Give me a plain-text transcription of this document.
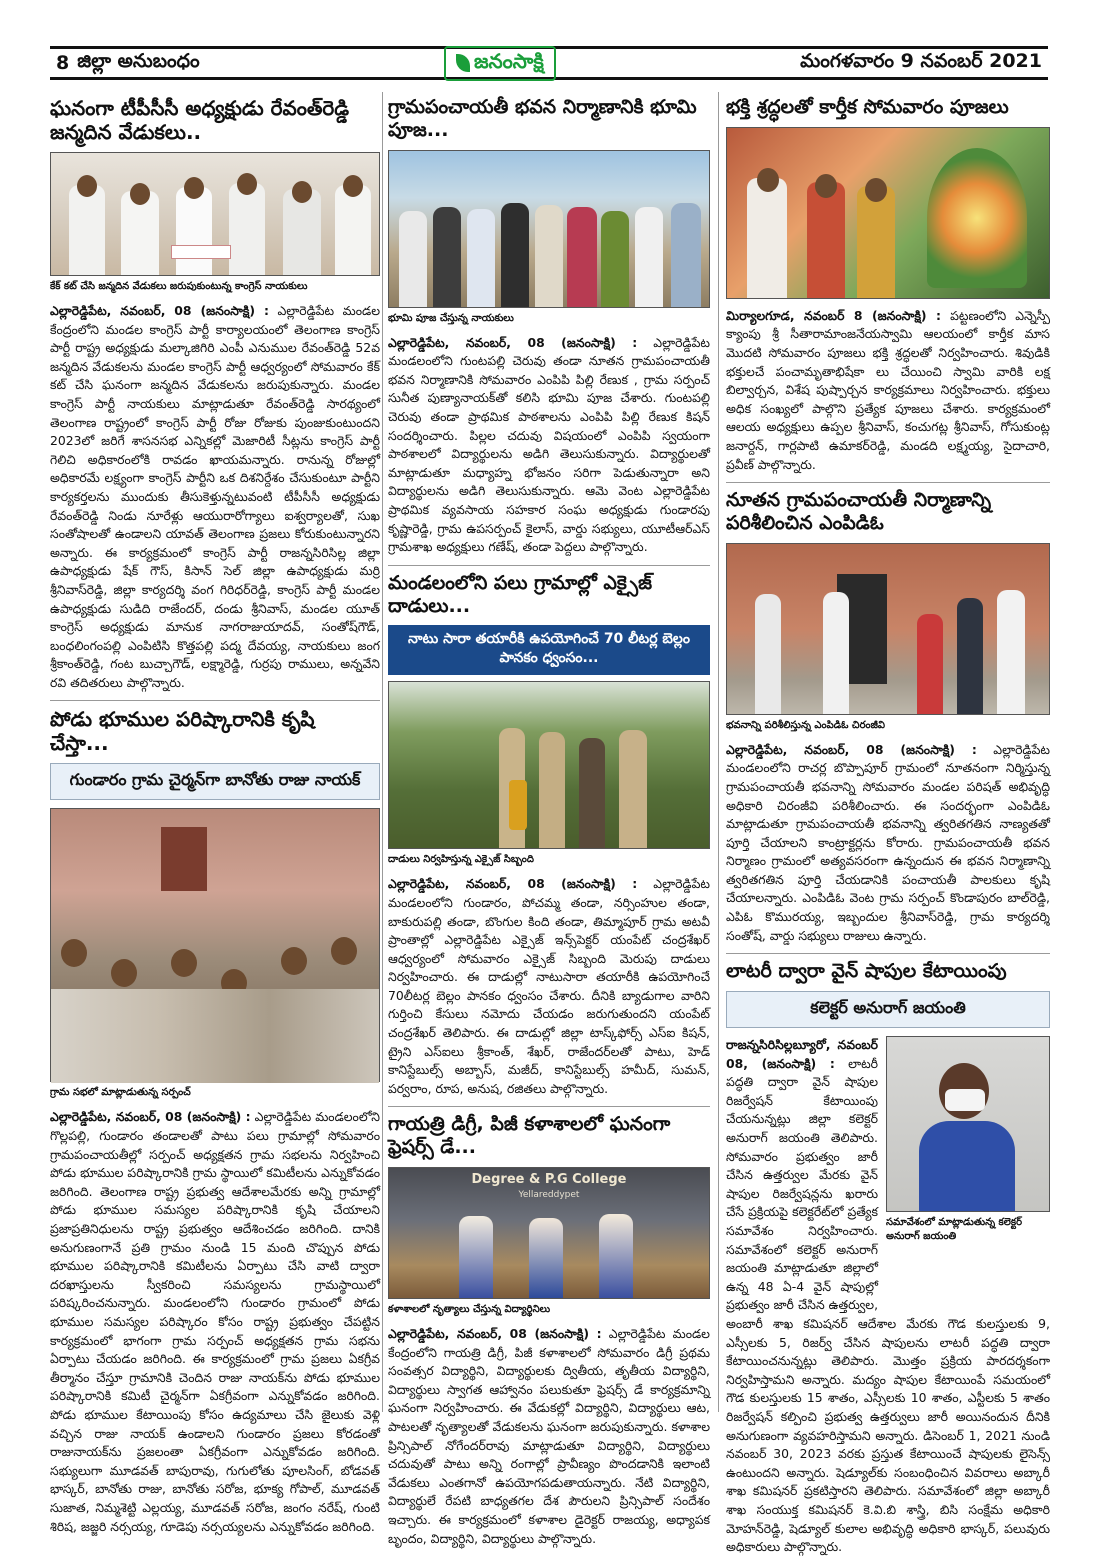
8 జిల్లా అనుబంధం	జనంసాక్షి	మంగళవారం 9 నవంబర్ 2021
ఘనంగా టీపీసీసీ అధ్యక్షుడు రేవంత్‌రెడ్డి జన్మదిన వేడుకలు..
కేక్ కట్ చేసి జన్మదిన వేడుకలు జరుపుకుంటున్న కాంగ్రెస్ నాయకులు

ఎల్లారెడ్డిపేట, నవంబర్, 08 (జనంసాక్షి) : ఎల్లారెడ్డిపేట మండల కేంద్రంలోని మండల కాంగ్రెస్ పార్టీ కార్యాలయంలో తెలంగాణ కాంగ్రెస్ పార్టీ రాష్ట్ర అధ్యక్షుడు మల్కాజిగిరి ఎంపీ ఎనుముల రేవంత్‌రెడ్డి 52వ జన్మదిన వేడుకలను మండల కాంగ్రెస్ పార్టీ ఆధ్వర్యంలో సోమవారం కేక్ కట్ చేసి ఘనంగా జన్మదిన వేడుకలను జరుపుకున్నారు. మండల కాంగ్రెస్ పార్టీ నాయకులు మాట్లాడుతూ రేవంత్‌రెడ్డి సారథ్యంలో తెలంగాణ రాష్ట్రంలో కాంగ్రెస్ పార్టీ రోజు రోజుకు పుంజుకుంటుందని 2023లో జరిగే శాసనసభ ఎన్నికల్లో మెజారిటీ సీట్లను కాంగ్రెస్ పార్టీ గెలిచి అధికారంలోకి రావడం ఖాయమన్నారు. రానున్న రోజుల్లో అధికారమే లక్ష్యంగా కాంగ్రెస్ పార్టీని ఒక దిశనిర్దేశం చేసుకుంటూ పార్టీని కార్యకర్తలను ముందుకు తీసుకెళ్తున్నటువంటి టీపీసీసీ అధ్యక్షుడు రేవంత్‌రెడ్డి నిండు నూరేళ్లు ఆయురారోగ్యాలు ఐశ్వర్యాలతో, సుఖ సంతోషాలతో ఉండాలని యావత్ తెలంగాణ ప్రజలు కోరుకుంటున్నారని అన్నారు. ఈ కార్యక్రమంలో కాంగ్రెస్ పార్టీ రాజన్నసిరిసిల్ల జిల్లా ఉపాధ్యక్షుడు షేక్ గౌస్, కిసాన్ సెల్ జిల్లా ఉపాధ్యక్షుడు మర్రి శ్రీనివాస్‌రెడ్డి, జిల్లా కార్యదర్శి వంగ గిరిధర్‌రెడ్డి, కాంగ్రెస్ పార్టీ మండల ఉపాధ్యక్షుడు సుడిది రాజేందర్, దండు శ్రీనివాస్, మండల యూత్ కాంగ్రెస్ అధ్యక్షుడు మానుక నాగరాజుయాదవ్, సంతోష్‌గౌడ్, బంధలింగంపల్లి ఎంపిటిసి కొత్తపల్లి పద్మ దేవయ్య, నాయకులు జంగ శ్రీకాంత్‌రెడ్డి, గంట బుచ్చాగౌడ్, లక్ష్మారెడ్డి, గుర్రపు రాములు, అన్నవేని రవి తదితరులు పాల్గొన్నారు.

పోడు భూముల పరిష్కారానికి కృషి చేస్తా...
గుండారం గ్రామ చైర్మన్‌గా బానోతు రాజు నాయక్
గ్రామ సభలో మాట్లాడుతున్న సర్పంచ్

ఎల్లారెడ్డిపేట, నవంబర్, 08 (జనంసాక్షి) : ఎల్లారెడ్డిపేట మండలంలోని గొల్లపల్లి, గుండారం తండాలతో పాటు పలు గ్రామాల్లో సోమవారం గ్రామపంచాయతీల్లో సర్పంచ్ అధ్యక్షతన గ్రామ సభలను నిర్వహించి పోడు భూముల పరిష్కారానికి గ్రామ స్థాయిలో కమిటీలను ఎన్నుకోవడం జరిగింది. తెలంగాణ రాష్ట్ర ప్రభుత్వ ఆదేశాలమేరకు అన్ని గ్రామాల్లో పోడు భూముల సమస్యల పరిష్కారానికి కృషి చేయాలని ప్రజాప్రతినిధులను రాష్ట్ర ప్రభుత్వం ఆదేశించడం జరిగింది. దానికి అనుగుణంగానే ప్రతి గ్రామం నుండి 15 మంది చొప్పున పోడు భూముల పరిష్కారానికి కమిటీలను ఏర్పాటు చేసి వాటి ద్వారా దరఖాస్తులను స్వీకరించి సమస్యలను గ్రామస్థాయిలో పరిష్కరించనున్నారు. మండలంలోని గుండారం గ్రామంలో పోడు భూముల సమస్యల పరిష్కారం కోసం రాష్ట్ర ప్రభుత్వం చేపట్టిన కార్యక్రమంలో భాగంగా గ్రామ సర్పంచ్ అధ్యక్షతన గ్రామ సభను ఏర్పాటు చేయడం జరిగింది. ఈ కార్యక్రమంలో గ్రామ ప్రజలు ఏకగ్రీవ తీర్మానం చేస్తూ గ్రామానికి చెందిన రాజు నాయక్‌ను పోడు భూముల పరిష్కారానికి కమిటీ చైర్మన్‌గా ఏకగ్రీవంగా ఎన్నుకోవడం జరిగింది. పోడు భూముల కేటాయింపు కోసం ఉద్యమాలు చేసి జైలుకు వెళ్లి వచ్చిన రాజు నాయక్ ఉండాలని గుండారం ప్రజలు కోరడంతో రాజునాయక్‌ను ప్రజలంతా ఏకగ్రీవంగా ఎన్నుకోవడం జరిగింది. సభ్యులుగా మూడవత్ బాపురావు, గుగులోతు పూలసింగ్, బోడవత్ భాస్కర్, బానోతు రాజు, బానోతు సరోజ, భూక్య గోపాల్, మూడవత్ సుజాత, నిమ్మశెట్టి ఎల్లయ్య, మూడవత్ సరోజ, జంగం నరేష్, గుంటి శిరిష, జజ్జరి నర్సయ్య, గూడెపు నర్సయ్యలను ఎన్నుకోవడం జరిగింది.

గ్రామపంచాయతీ భవన నిర్మాణానికి భూమి పూజ...
భూమి పూజ చేస్తున్న నాయకులు

ఎల్లారెడ్డిపేట, నవంబర్, 08 (జనంసాక్షి) : ఎల్లారెడ్డిపేట మండలంలోని గుంటపల్లి చెరువు తండా నూతన గ్రామపంచాయతీ భవన నిర్మాణానికి సోమవారం ఎంపిపి పిల్లి రేణుక , గ్రామ సర్పంచ్ సునీత పుణ్యానాయక్‌తో కలిసి భూమి పూజ చేశారు. గుంటపల్లి చెరువు తండా ప్రాథమిక పాఠశాలను ఎంపిపి పిల్లి రేణుక కిషన్ సందర్శించారు. పిల్లల చదువు విషయంలో ఎంపిపి స్వయంగా పాఠశాలలో విద్యార్థులను అడిగి తెలుసుకున్నారు. విద్యార్థులతో మాట్లాడుతూ మధ్యాహ్న భోజనం సరిగా పెడుతున్నారా అని విద్యార్థులను అడిగి తెలుసుకున్నారు. ఆమె వెంట ఎల్లారెడ్డిపేట ప్రాథమిక వ్యవసాయ సహకార సంఘ అధ్యక్షుడు గుండారపు కృష్ణారెడ్డి, గ్రామ ఉపసర్పంచ్ కైలాస్, వార్డు సభ్యులు, యూటీఆర్ఎస్ గ్రామశాఖ అధ్యక్షులు గణేష్, తండా పెద్దలు పాల్గొన్నారు.

మండలంలోని పలు గ్రామాల్లో ఎక్సైజ్ దాడులు...
నాటు సారా తయారీకి ఉపయోగించే 70 లీటర్ల బెల్లం పానకం ధ్వంసం...
దాడులు నిర్వహిస్తున్న ఎక్సైజ్ సిబ్బంది

ఎల్లారెడ్డిపేట, నవంబర్, 08 (జనంసాక్షి) : ఎల్లారెడ్డిపేట మండలంలోని గుండారం, పోచమ్మ తండా, నర్సింహుల తండా, బాకురుపల్లి తండా, బొంగుల కింది తండా, తిమ్మాపూర్ గ్రామ అటవీ ప్రాంతాల్లో ఎల్లారెడ్డిపేట ఎక్సైజ్ ఇన్స్‌పెక్టర్ యంపేట్ చంద్రశేఖర్ ఆధ్వర్యంలో సోమవారం ఎక్సైజ్ సిబ్బంది మెరుపు దాడులు నిర్వహించారు. ఈ దాడుల్లో నాటుసారా తయారీకి ఉపయోగించే 70లీటర్ల బెల్లం పానకం ధ్వంసం చేశారు. దీనికి బ్యాడుగాల వారిని గుర్తించి కేసులు నమోదు చేయడం జరుగుతుందని యంపేట్ చంద్రశేఖర్ తెలిపారు. ఈ దాడుల్లో జిల్లా టాస్క్‌ఫోర్స్ ఎస్ఐ కిషన్, ట్రైని ఎస్ఐలు శ్రీకాంత్, శేఖర్, రాజేందర్‌లతో పాటు, హెడ్ కానిస్టేబుల్స్ అబ్బాస్, మజీద్, కానిస్టేబుల్స్ హమీద్, సుమన్, పర్వరాం, రూప, అనుష, రజితలు పాల్గొన్నారు.

గాయత్రి డిగ్రీ, పిజీ కళాశాలలో ఘనంగా ఫ్రెషర్స్ డే...
Degree & P.G College
Yellareddypet
కళాశాలలో నృత్యాలు చేస్తున్న విద్యార్థినిలు

ఎల్లారెడ్డిపేట, నవంబర్, 08 (జనంసాక్షి) : ఎల్లారెడ్డిపేట మండల కేంద్రంలోని గాయత్రి డిగ్రీ, పిజీ కళాశాలలో సోమవారం డిగ్రీ ప్రథమ సంవత్సర విద్యార్థిని, విద్యార్థులకు ద్వితీయ, తృతీయ విద్యార్థిని, విద్యార్థులు స్వాగత ఆహ్వానం పలుకుతూ ఫ్రెషర్స్ డే కార్యక్రమాన్ని ఘనంగా నిర్వహించారు. ఈ వేడుకల్లో విద్యార్థిని, విద్యార్థులు ఆట, పాటలతో నృత్యాలతో వేడుకలను ఘనంగా జరుపుకున్నారు. కళాశాల ప్రిన్సిపాల్ నోగేందర్‌రావు మాట్లాడుతూ విద్యార్థిని, విద్యార్థులు చదువుతో పాటు అన్ని రంగాల్లో ప్రావీణ్యం పొందడానికి ఇలాంటి వేడుకలు ఎంతగానో ఉపయోగపడుతాయన్నారు. నేటి విద్యార్థిని, విద్యార్థులే రేపటి బాధ్యతగల దేశ పౌరులని ప్రిన్సిపాల్ సందేశం ఇచ్చారు. ఈ కార్యక్రమంలో కళాశాల డైరెక్టర్ రాజయ్య, అధ్యాపక బృందం, విద్యార్థిని, విద్యార్థులు పాల్గొన్నారు.

భక్తి శ్రద్ధలతో కార్తీక సోమవారం పూజలు

మిర్యాలగూడ, నవంబర్ 8 (జనంసాక్షి) : పట్టణంలోని ఎన్నెస్పీ క్యాంపు శ్రీ సీతారామాంజనేయస్వామి ఆలయంలో కార్తీక మాస మొదటి సోమవారం పూజలు భక్తి శ్రద్ధలతో నిర్వహించారు. శివుడికి భక్తులచే పంచామృతాభిషేకా లు చేయించి స్వామి వారికి లక్ష బిల్వార్చన, విశేష పుష్పార్చన కార్యక్రమాలు నిర్వహించారు. భక్తులు అధిక సంఖ్యలో పాల్గొని ప్రత్యేక పూజలు చేశారు. కార్యక్రమంలో ఆలయ అధ్యక్షులు ఉప్పల శ్రీనివాస్, కంచుగట్ల శ్రీనివాస్, గోసుకుంట్ల జనార్దన్, గార్లపాటి ఉమాకర్‌రెడ్డి, మండది లక్ష్మయ్య, సైదాచారి, ప్రవీణ్ పాల్గొన్నారు.

నూతన గ్రామపంచాయతీ నిర్మాణాన్ని పరిశీలించిన ఎంపిడిఓ
భవనాన్ని పరిశీలిస్తున్న ఎంపిడిఓ చిరంజీవి

ఎల్లారెడ్డిపేట, నవంబర్, 08 (జనంసాక్షి) : ఎల్లారెడ్డిపేట మండలంలోని రాచర్ల బొప్పాపూర్ గ్రామంలో నూతనంగా నిర్మిస్తున్న గ్రామపంచాయతీ భవనాన్ని సోమవారం మండల పరిషత్ అభివృద్ధి అధికారి చిరంజీవి పరిశీలించారు. ఈ సందర్భంగా ఎంపిడిఓ మాట్లాడుతూ గ్రామపంచాయతీ భవనాన్ని త్వరితగతిన నాణ్యతతో పూర్తి చేయాలని కాంట్రాక్టర్లను కోరారు. గ్రామపంచాయతీ భవన నిర్మాణం గ్రామంలో అత్యవసరంగా ఉన్నందున ఈ భవన నిర్మాణాన్ని త్వరితగతిన పూర్తి చేయడానికి పంచాయతీ పాలకులు కృషి చేయాలన్నారు. ఎంపిడిఓ వెంట గ్రామ సర్పంచ్ కొండాపురం బాల్‌రెడ్డి, ఎపిఓ కొమురయ్య, ఇబ్బందుల శ్రీనివాస్‌రెడ్డి, గ్రామ కార్యదర్శి సంతోష్, వార్డు సభ్యులు రాజులు ఉన్నారు.

లాటరీ ద్వారా వైన్ షాపుల కేటాయింపు
కలెక్టర్ అనురాగ్ జయంతి

రాజన్నసిరిసిల్లబ్యూరో, నవంబర్ 08, (జనంసాక్షి) : లాటరీ పద్ధతి ద్వారా వైన్ షాపుల రిజర్వేషన్ కేటాయింపు చేయనున్నట్లు జిల్లా కలెక్టర్ అనురాగ్ జయంతి తెలిపారు. సోమవారం ప్రభుత్వం జారీ చేసిన ఉత్తర్వుల మేరకు వైన్ షాపుల రిజర్వేషన్లను ఖరారు చేసే ప్రక్రియపై కలెక్టరేట్‌లో ప్రత్యేక సమావేశం నిర్వహించారు. సమావేశంలో కలెక్టర్ అనురాగ్ జయంతి మాట్లాడుతూ జిల్లాలో ఉన్న 48 ఏ-4 వైన్ షాపుల్లో ప్రభుత్వం జారీ చేసిన ఉత్తర్వుల,

సమావేశంలో మాట్లాడుతున్న కలెక్టర్ అనురాగ్ జయంతి

అంబారీ శాఖ కమిషనర్ ఆదేశాల మేరకు గౌడ కులస్తులకు 9, ఎస్సీలకు 5, రిజర్వ్ చేసిన షాపులను లాటరీ పద్ధతి ద్వారా కేటాయించనున్నట్లు తెలిపారు. మొత్తం ప్రక్రియ పారదర్శకంగా నిర్వహిస్తామని అన్నారు. మద్యం షాపుల కేటాయింపే సమయంలో గౌడ కులస్తులకు 15 శాతం, ఎస్సీలకు 10 శాతం, ఎస్టీలకు 5 శాతం రిజర్వేషన్ కల్పించి ప్రభుత్వ ఉత్తర్వులు జారీ అయినందున దీనికి అనుగుణంగా వ్యవహరిస్తామని అన్నారు. డిసెంబర్ 1, 2021 నుండి నవంబర్ 30, 2023 వరకు ప్రస్తుత కేటాయించే షాపులకు లైసెన్స్ ఉంటుందని అన్నారు. షెడ్యూల్‌కు సంబంధించిన వివరాలు అబ్కారీ శాఖ కమిషనర్ ప్రకటిస్తారని తెలిపారు. సమావేశంలో జిల్లా అబ్కారీ శాఖ సంయుక్త కమిషనర్ కె.వి.బి శాస్త్రి, బిసి సంక్షేమ అధికారి మోహన్‌రెడ్డి, షెడ్యూల్ కులాల అభివృద్ధి అధికారి భాస్కర్, పలువురు అధికారులు పాల్గొన్నారు.
